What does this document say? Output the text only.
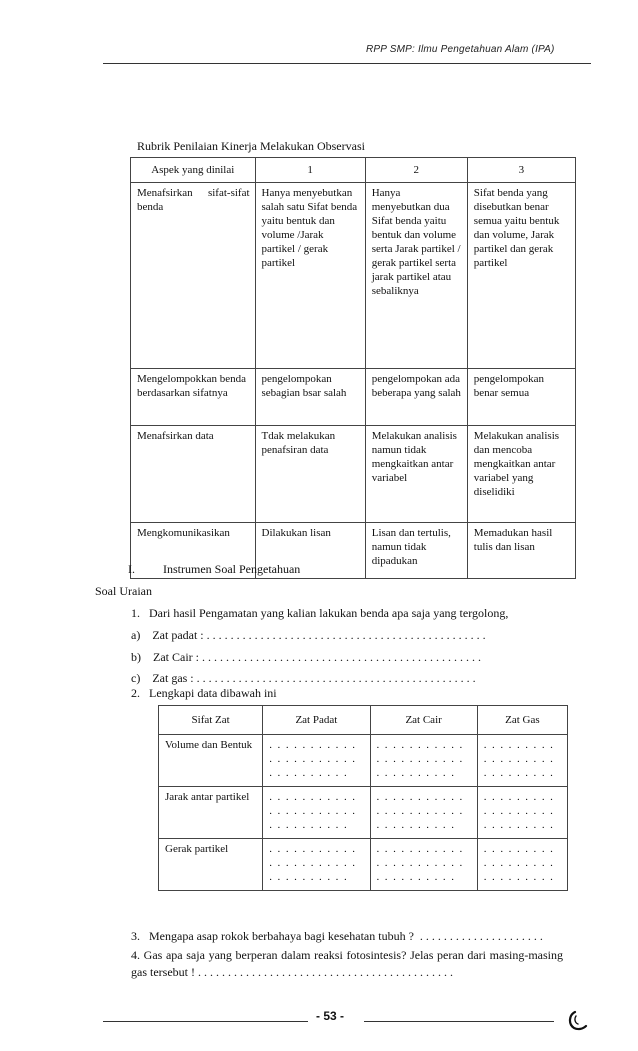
RPP SMP: Ilmu Pengetahuan Alam (IPA)
Rubrik Penilaian Kinerja Melakukan Observasi
Aspek yang dinilai	1	2	3
Menafsirkan sifat-sifat benda	Hanya menyebutkan salah satu Sifat benda yaitu bentuk dan volume /Jarak partikel / gerak partikel	Hanya menyebutkan dua Sifat benda yaitu bentuk dan volume serta Jarak partikel / gerak partikel serta jarak partikel atau sebaliknya	Sifat benda yang disebutkan benar semua yaitu bentuk dan volume, Jarak partikel dan gerak partikel
Mengelompokkan benda berdasarkan sifatnya	pengelompokan sebagian bsar salah	pengelompokan ada beberapa yang salah	pengelompokan benar semua
Menafsirkan data	Tdak melakukan penafsiran data	Melakukan analisis namun tidak mengkaitkan antar variabel	Melakukan analisis dan mencoba mengkaitkan antar variabel yang diselidiki
Mengkomunikasikan	Dilakukan lisan	Lisan dan tertulis, namun tidak dipadukan	Memadukan hasil tulis dan lisan
I. Instrumen Soal Pengetahuan
Soal Uraian
1.   Dari hasil Pengamatan yang kalian lakukan benda apa saja yang tergolong,
a)    Zat padat : . . . . . . . . . . . . . . . . . . . . . . . . . . . . . . . . . . . . . . . . . . . . . . .
b)    Zat Cair : . . . . . . . . . . . . . . . . . . . . . . . . . . . . . . . . . . . . . . . . . . . . . . .
c)    Zat gas : . . . . . . . . . . . . . . . . . . . . . . . . . . . . . . . . . . . . . . . . . . . . . . .
2.   Lengkapi data dibawah ini
Sifat Zat	Zat Padat	Zat Cair	Zat Gas
Volume dan Bentuk	. . . . . . . . . . . . . . . . . . . . . . . . . . . . . . . .	. . . . . . . . . . . . . . . . . . . . . . . . . . . . . . . .	. . . . . . . . . . . . . . . . . . . . . . . . . . .
Jarak antar partikel	. . . . . . . . . . . . . . . . . . . . . . . . . . . . . . . .	. . . . . . . . . . . . . . . . . . . . . . . . . . . . . . . .	. . . . . . . . . . . . . . . . . . . . . . . . . . .
Gerak partikel	. . . . . . . . . . . . . . . . . . . . . . . . . . . . . . . .	. . . . . . . . . . . . . . . . . . . . . . . . . . . . . . . .	. . . . . . . . . . . . . . . . . . . . . . . . . . .
3.   Mengapa asap rokok berbahaya bagi kesehatan tubuh ?  . . . . . . . . . . . . . . . . . . . . .
4. Gas apa saja yang berperan dalam reaksi fotosintesis? Jelas peran dari masing-masing gas tersebut ! . . . . . . . . . . . . . . . . . . . . . . . . . . . . . . . . . . . . . . . . . . .
- 53 -
